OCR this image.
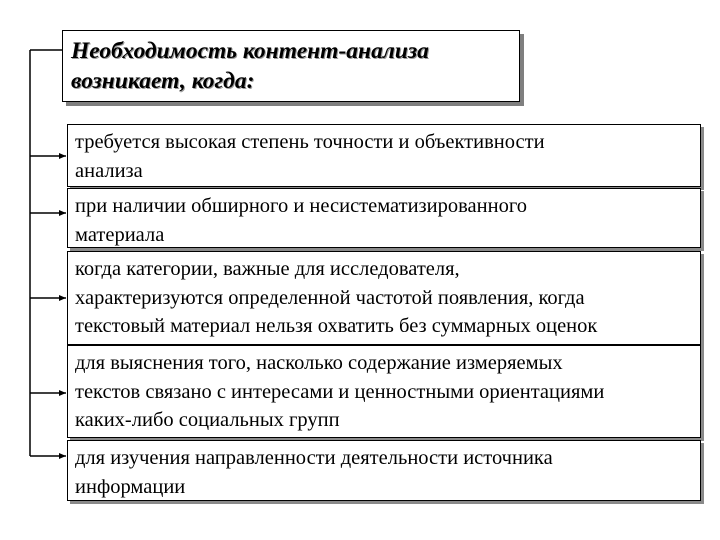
Необходимость контент-анализа
возникает, когда:
требуется высокая степень точности и объективности
анализа
при наличии обширного и несистематизированного
материала
когда категории, важные для исследователя,
характеризуются определенной частотой появления, когда
текстовый материал нельзя охватить без суммарных оценок
для выяснения того, насколько содержание измеряемых
текстов связано с интересами и ценностными ориентациями
каких-либо социальных групп
для изучения направленности деятельности источника
информации
